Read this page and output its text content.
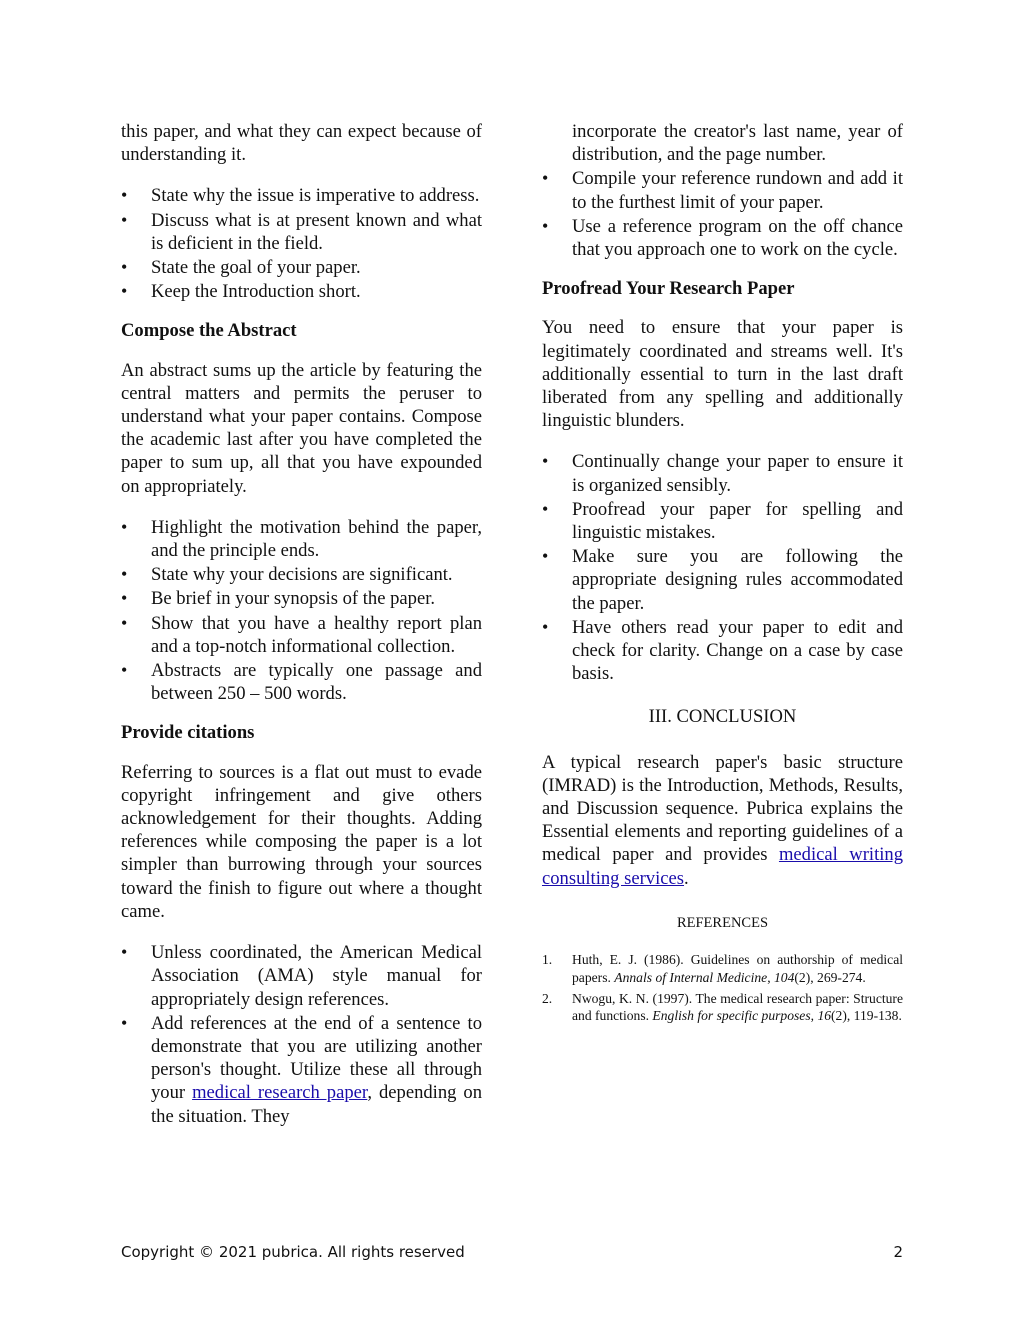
this paper, and what they can expect because of understanding it.

• State why the issue is imperative to address.
• Discuss what is at present known and what is deficient in the field.
• State the goal of your paper.
• Keep the Introduction short.
Compose the Abstract

An abstract sums up the article by featuring the central matters and permits the peruser to understand what your paper contains. Compose the academic last after you have completed the paper to sum up, all that you have expounded on appropriately.

• Highlight the motivation behind the paper, and the principle ends.
• State why your decisions are significant.
• Be brief in your synopsis of the paper.
• Show that you have a healthy report plan and a top-notch informational collection.
• Abstracts are typically one passage and between 250 – 500 words.
Provide citations

Referring to sources is a flat out must to evade copyright infringement and give others acknowledgement for their thoughts. Adding references while composing the paper is a lot simpler than burrowing through your sources toward the finish to figure out where a thought came.

• Unless coordinated, the American Medical Association (AMA) style manual for appropriately design references.
• Add references at the end of a sentence to demonstrate that you are utilizing another person's thought. Utilize these all through your medical research paper, depending on the situation. They
incorporate the creator's last name, year of distribution, and the page number.
• Compile your reference rundown and add it to the furthest limit of your paper.
• Use a reference program on the off chance that you approach one to work on the cycle.
Proofread Your Research Paper

You need to ensure that your paper is legitimately coordinated and streams well. It's additionally essential to turn in the last draft liberated from any spelling and additionally linguistic blunders.

• Continually change your paper to ensure it is organized sensibly.
• Proofread your paper for spelling and linguistic mistakes.
• Make sure you are following the appropriate designing rules accommodated the paper.
• Have others read your paper to edit and check for clarity. Change on a case by case basis.
III. CONCLUSION

A typical research paper's basic structure (IMRAD) is the Introduction, Methods, Results, and Discussion sequence. Pubrica explains the Essential elements and reporting guidelines of a medical paper and provides medical writing consulting services.

REFERENCES
1. Huth, E. J. (1986). Guidelines on authorship of medical papers. Annals of Internal Medicine, 104(2), 269-274.
2. Nwogu, K. N. (1997). The medical research paper: Structure and functions. English for specific purposes, 16(2), 119-138.
Copyright © 2021 pubrica. All rights reserved	2
